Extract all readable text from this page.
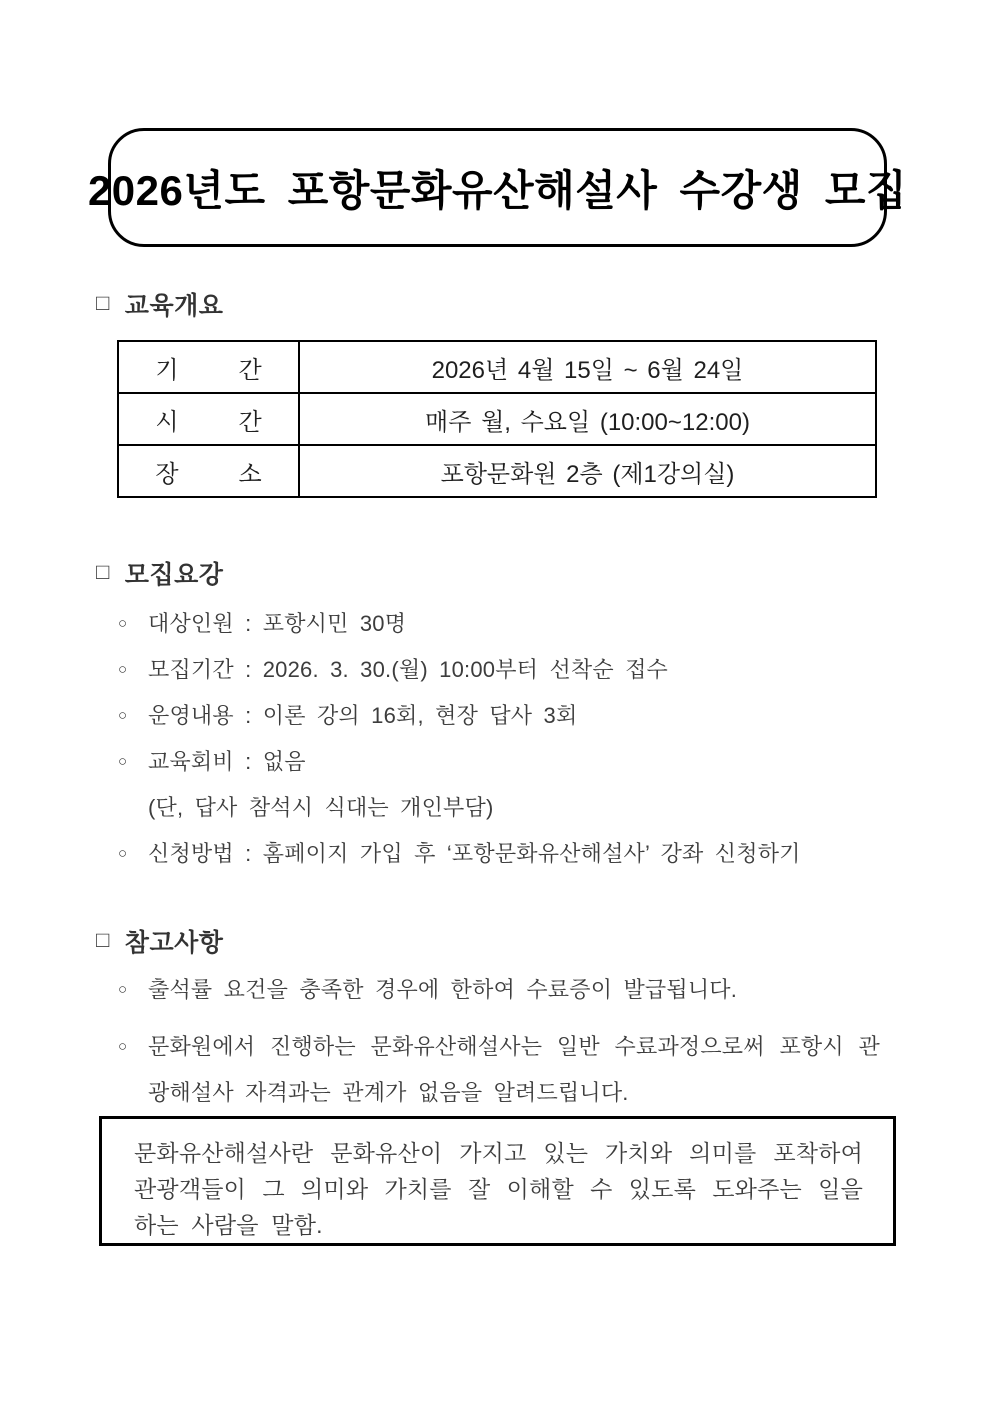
2026년도 포항문화유산해설사 수강생 모집
□ 교육개요
기   간	2026년 4월 15일 ~ 6월 24일
시   간	매주 월, 수요일 (10:00~12:00)
장   소	포항문화원 2층 (제1강의실)
□ 모집요강
○ 대상인원 : 포항시민 30명
○ 모집기간 : 2026. 3. 30.(월) 10:00부터 선착순 접수
○ 운영내용 : 이론 강의 16회, 현장 답사 3회
○ 교육회비 : 없음
(단, 답사 참석시 식대는 개인부담)
○ 신청방법 : 홈페이지 가입 후 ‘포항문화유산해설사’ 강좌 신청하기
□ 참고사항
○ 출석률 요건을 충족한 경우에 한하여 수료증이 발급됩니다.
○ 문화원에서 진행하는 문화유산해설사는 일반 수료과정으로써 포항시 관광해설사 자격과는 관계가 없음을 알려드립니다.

문화유산해설사란 문화유산이 가지고 있는 가치와 의미를 포착하여 관광객들이 그 의미와 가치를 잘 이해할 수 있도록 도와주는 일을 하는 사람을 말함.
